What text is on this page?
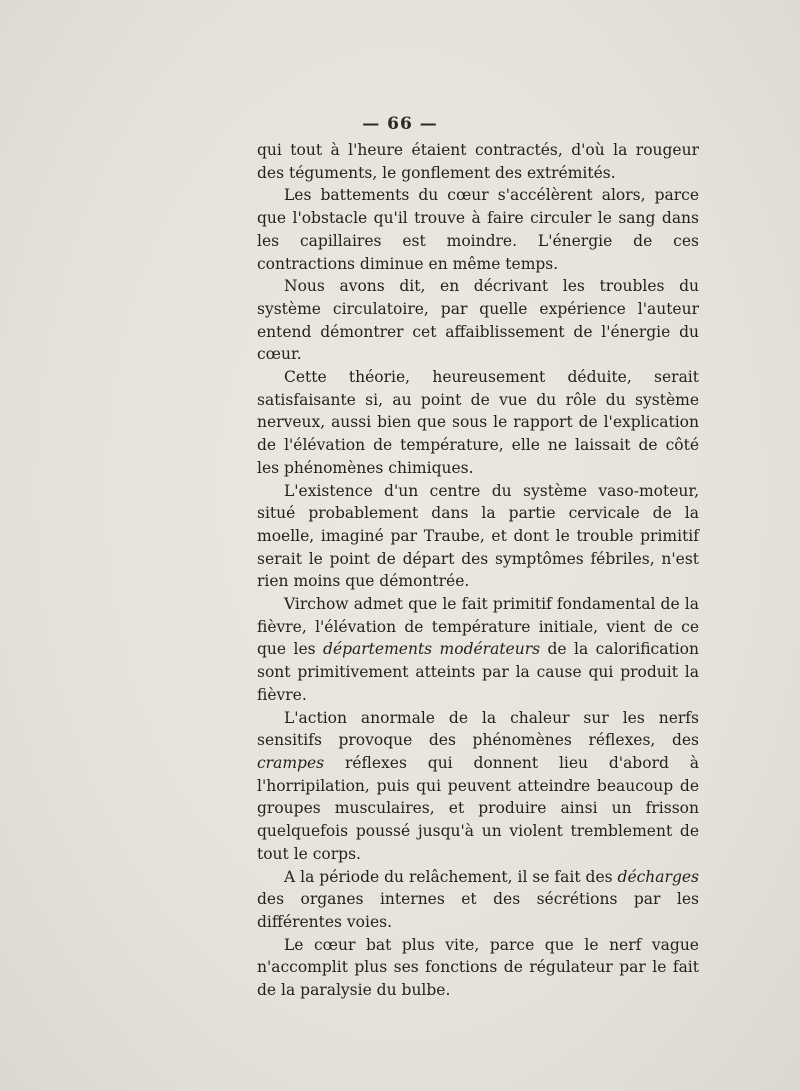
— 66 —

qui tout à l'heure étaient contractés, d'où la rougeur des téguments, le gonflement des extrémités.

Les battements du cœur s'accélèrent alors, parce que l'obstacle qu'il trouve à faire circuler le sang dans les capillaires est moindre. L'énergie de ces contractions diminue en même temps.

Nous avons dit, en décrivant les troubles du système circulatoire, par quelle expérience l'auteur entend démontrer cet affaiblissement de l'énergie du cœur.

Cette théorie, heureusement déduite, serait satisfaisante si, au point de vue du rôle du système nerveux, aussi bien que sous le rapport de l'explication de l'élévation de température, elle ne laissait de côté les phénomènes chimiques.

L'existence d'un centre du système vaso-moteur, situé probablement dans la partie cervicale de la moelle, imaginé par Traube, et dont le trouble primitif serait le point de départ des symptômes fébriles, n'est rien moins que démontrée.

Virchow admet que le fait primitif fondamental de la fièvre, l'élévation de température initiale, vient de ce que les départements modérateurs de la calorification sont primitivement atteints par la cause qui produit la fièvre.

L'action anormale de la chaleur sur les nerfs sensitifs provoque des phénomènes réflexes, des crampes réflexes qui donnent lieu d'abord à l'horripilation, puis qui peuvent atteindre beaucoup de groupes musculaires, et produire ainsi un frisson quelquefois poussé jusqu'à un violent tremblement de tout le corps.

A la période du relâchement, il se fait des décharges des organes internes et des sécrétions par les différentes voies.

Le cœur bat plus vite, parce que le nerf vague n'accomplit plus ses fonctions de régulateur par le fait de la paralysie du bulbe.
